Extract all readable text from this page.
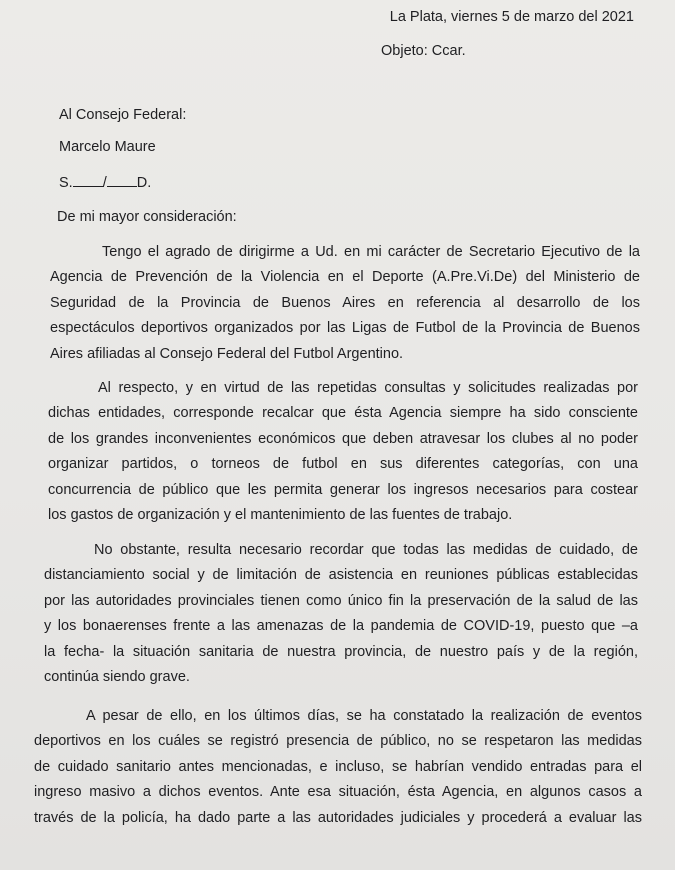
La Plata, viernes 5 de marzo del 2021
Objeto: Ccar.
Al Consejo Federal:
Marcelo Maure
S. / D.
De mi mayor consideración:
Tengo el agrado de dirigirme a Ud. en mi carácter de Secretario Ejecutivo de la
Agencia de Prevención de la Violencia en el Deporte (A.Pre.Vi.De) del Ministerio de
Seguridad de la Provincia de Buenos Aires en referencia al desarrollo de los
espectáculos deportivos organizados por las Ligas de Futbol de la Provincia de Buenos
Aires afiliadas al Consejo Federal del Futbol Argentino.
Al respecto, y en virtud de las repetidas consultas y solicitudes realizadas por
dichas entidades, corresponde recalcar que ésta Agencia siempre ha sido consciente
de los grandes inconvenientes económicos que deben atravesar los clubes al no poder
organizar partidos, o torneos de futbol en sus diferentes categorías, con una
concurrencia de público que les permita generar los ingresos necesarios para costear
los gastos de organización y el mantenimiento de las fuentes de trabajo.
No obstante, resulta necesario recordar que todas las medidas de cuidado, de
distanciamiento social y de limitación de asistencia en reuniones públicas establecidas
por las autoridades provinciales tienen como único fin la preservación de la salud de las
y los bonaerenses frente a las amenazas de la pandemia de COVID-19, puesto que –a
la fecha- la situación sanitaria de nuestra provincia, de nuestro país y de la región,
continúa siendo grave.
A pesar de ello, en los últimos días, se ha constatado la realización de eventos
deportivos en los cuáles se registró presencia de público, no se respetaron las medidas
de cuidado sanitario antes mencionadas, e incluso, se habrían vendido entradas para el
ingreso masivo a dichos eventos. Ante esa situación, ésta Agencia, en algunos casos a
través de la policía, ha dado parte a las autoridades judiciales y procederá a evaluar las
